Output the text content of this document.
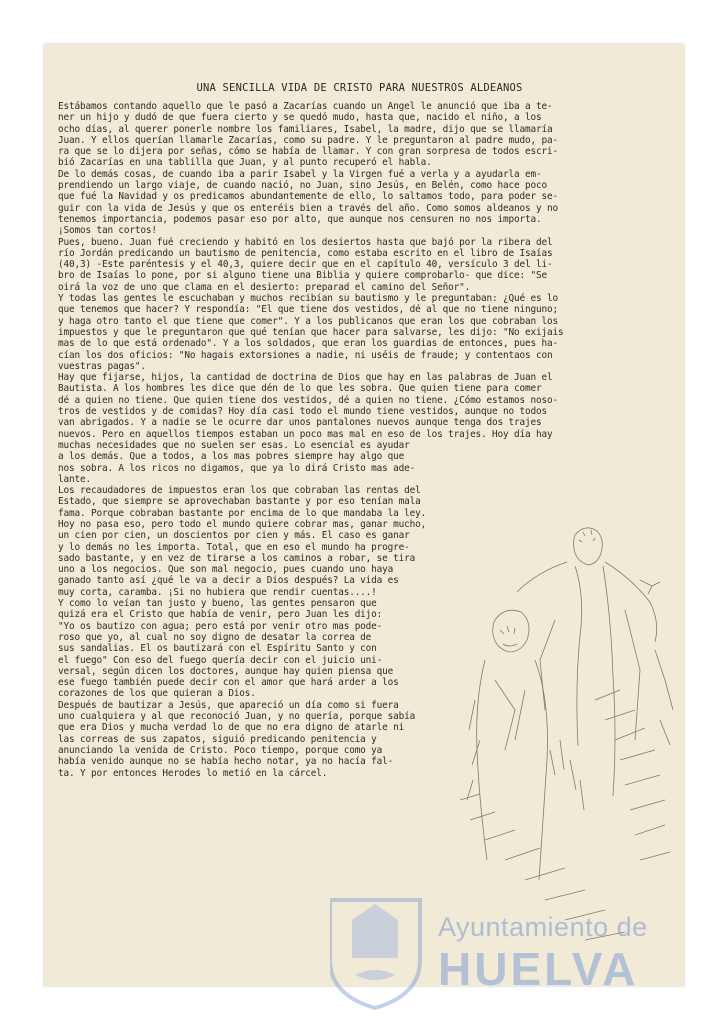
UNA SENCILLA VIDA DE CRISTO PARA NUESTROS ALDEANOS
Estábamos contando aquello que le pasó a Zacarías cuando un Angel le anunció que iba a te-
ner un hijo y dudó de que fuera cierto y se quedó mudo, hasta que, nacido el niño, a los
ocho días, al querer ponerle nombre los familiares, Isabel, la madre, dijo que se llamaría
Juan. Y ellos querían llamarle Zacarías, como su padre. Y le preguntaron al padre mudo, pa-
ra que se lo dijera por señas, cómo se había de llamar. Y con gran sorpresa de todos escri-
bió Zacarías en una tablilla que Juan, y al punto recuperó el habla.
De lo demás cosas, de cuando iba a parir Isabel y la Virgen fué a verla y a ayudarla em-
prendiendo un largo viaje, de cuando nació, no Juan, sino Jesús, en Belén, como hace poco
que fué la Navidad y os predicamos abundantemente de ello, lo saltamos todo, para poder se-
guir con la vida de Jesús y que os enteréis bien a través del año. Como somos aldeanos y no
tenemos importancia, podemos pasar eso por alto, que aunque nos censuren no nos importa.
¡Somos tan cortos!
Pues, bueno. Juan fué creciendo y habitó en los desiertos hasta que bajó por la ribera del
río Jordán predicando un bautismo de penitencia, como estaba escrito en el libro de Isaías
(40,3) -Este paréntesis y el 40,3, quiere decir que en el capítulo 40, versículo 3 del li-
bro de Isaías lo pone, por si alguno tiene una Biblia y quiere comprobarlo- que dice: "Se
oirá la voz de uno que clama en el desierto: preparad el camino del Señor".
Y todas las gentes le escuchaban y muchos recibían su bautismo y le preguntaban: ¿Qué es lo
que tenemos que hacer? Y respondía: "El que tiene dos vestidos, dé al que no tiene ninguno;
y haga otro tanto el que tiene que comer". Y a los publicanos que eran los que cobraban los
impuestos y que le preguntaron que qué tenían que hacer para salvarse, les dijo: "No exijais
mas de lo que está ordenado". Y a los soldados, que eran los guardias de entonces, pues ha-
cían los dos oficios: "No hagais extorsiones a nadie, ni uséis de fraude; y contentaos con
vuestras pagas".
Hay que fijarse, hijos, la cantidad de doctrina de Dios que hay en las palabras de Juan el
Bautista. A los hombres les dice que dén de lo que les sobra. Que quien tiene para comer
dé a quien no tiene. Que quien tiene dos vestidos, dé a quien no tiene. ¿Cómo estamos noso-
tros de vestidos y de comidas? Hoy día casi todo el mundo tiene vestidos, aunque no todos
van abrigados. Y a nadie se le ocurre dar unos pantalones nuevos aunque tenga dos trajes
nuevos. Pero en aquellos tiempos estaban un poco mas mal en eso de los trajes. Hoy día hay
muchas necesidades que no suelen ser esas. Lo esencial es ayudar
a los demás. Que a todos, a los mas pobres siempre hay algo que
nos sobra. A los ricos no digamos, que ya lo dirá Cristo mas ade-
lante.
Los recaudadores de impuestos eran los que cobraban las rentas del
Estado, que siempre se aprovechaban bastante y por eso tenían mala
fama. Porque cobraban bastante por encima de lo que mandaba la ley.
Hoy no pasa eso, pero todo el mundo quiere cobrar mas, ganar mucho,
un cien por cien, un doscientos por cien y más. El caso es ganar
y lo demás no les importa. Total, que en eso el mundo ha progre-
sado bastante, y en vez de tirarse a los caminos a robar, se tira
uno a los negocios. Que son mal negocio, pues cuando uno haya
ganado tanto así ¿qué le va a decir a Dios después? La vida es
muy corta, caramba. ¡Si no hubiera que rendir cuentas....!
Y como lo veían tan justo y bueno, las gentes pensaron que
quizá era el Cristo que había de venir, pero Juan les dijo:
"Yo os bautizo con agua; pero está por venir otro mas pode-
roso que yo, al cual no soy digno de desatar la correa de
sus sandalias. El os bautizará con el Espíritu Santo y con
el fuego" Con eso del fuego quería decir con el juicio uni-
versal, según dicen los doctores, aunque hay quien piensa que
ese fuego también puede decir con el amor que hará arder a los
corazones de los que quieran a Dios.
Después de bautizar a Jesús, que apareció un día como si fuera
uno cualquiera y al que reconoció Juan, y no quería, porque sabía
que era Dios y mucha verdad lo de que no era digno de atarle ni
las correas de sus zapatos, siguió predicando penitencia y
anunciando la venida de Cristo. Poco tiempo, porque como ya
había venido aunque no se había hecho notar, ya no hacía fal-
ta. Y por entonces Herodes lo metió en la cárcel.
Ayuntamiento de
HUELVA
